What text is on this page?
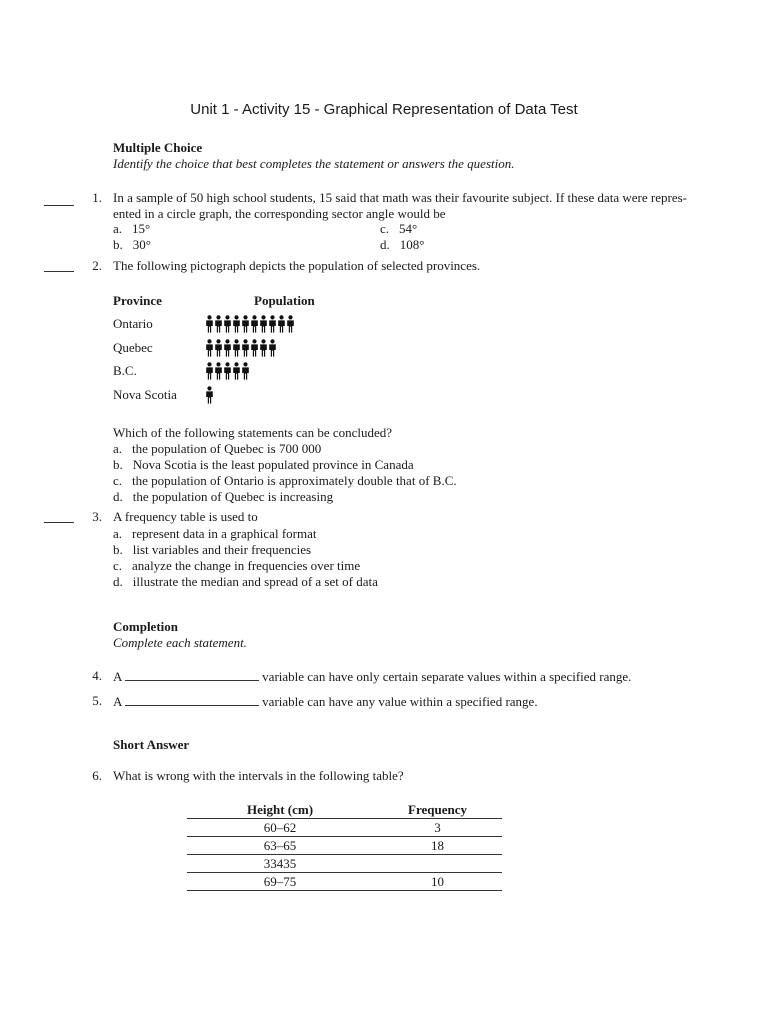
Unit 1 - Activity 15 - Graphical Representation of Data Test
Multiple Choice
Identify the choice that best completes the statement or answers the question.
1. In a sample of 50 high school students, 15 said that math was their favourite subject. If these data were repres-
ented in a circle graph, the corresponding sector angle would be
a. 15°
b. 30°
c. 54°
d. 108°
2. The following pictograph depicts the population of selected provinces.
Province	Population
Ontario
Quebec
B.C.
Nova Scotia
Which of the following statements can be concluded?
a. the population of Quebec is 700 000
b. Nova Scotia is the least populated province in Canada
c. the population of Ontario is approximately double that of B.C.
d. the population of Quebec is increasing
3. A frequency table is used to
a. represent data in a graphical format
b. list variables and their frequencies
c. analyze the change in frequencies over time
d. illustrate the median and spread of a set of data
Completion
Complete each statement.
4. A	variable can have only certain separate values within a specified range.
5. A	variable can have any value within a specified range.
Short Answer
6. What is wrong with the intervals in the following table?
Height (cm)	Frequency
60–62	3
63–65	18
33435	
69–75	10
